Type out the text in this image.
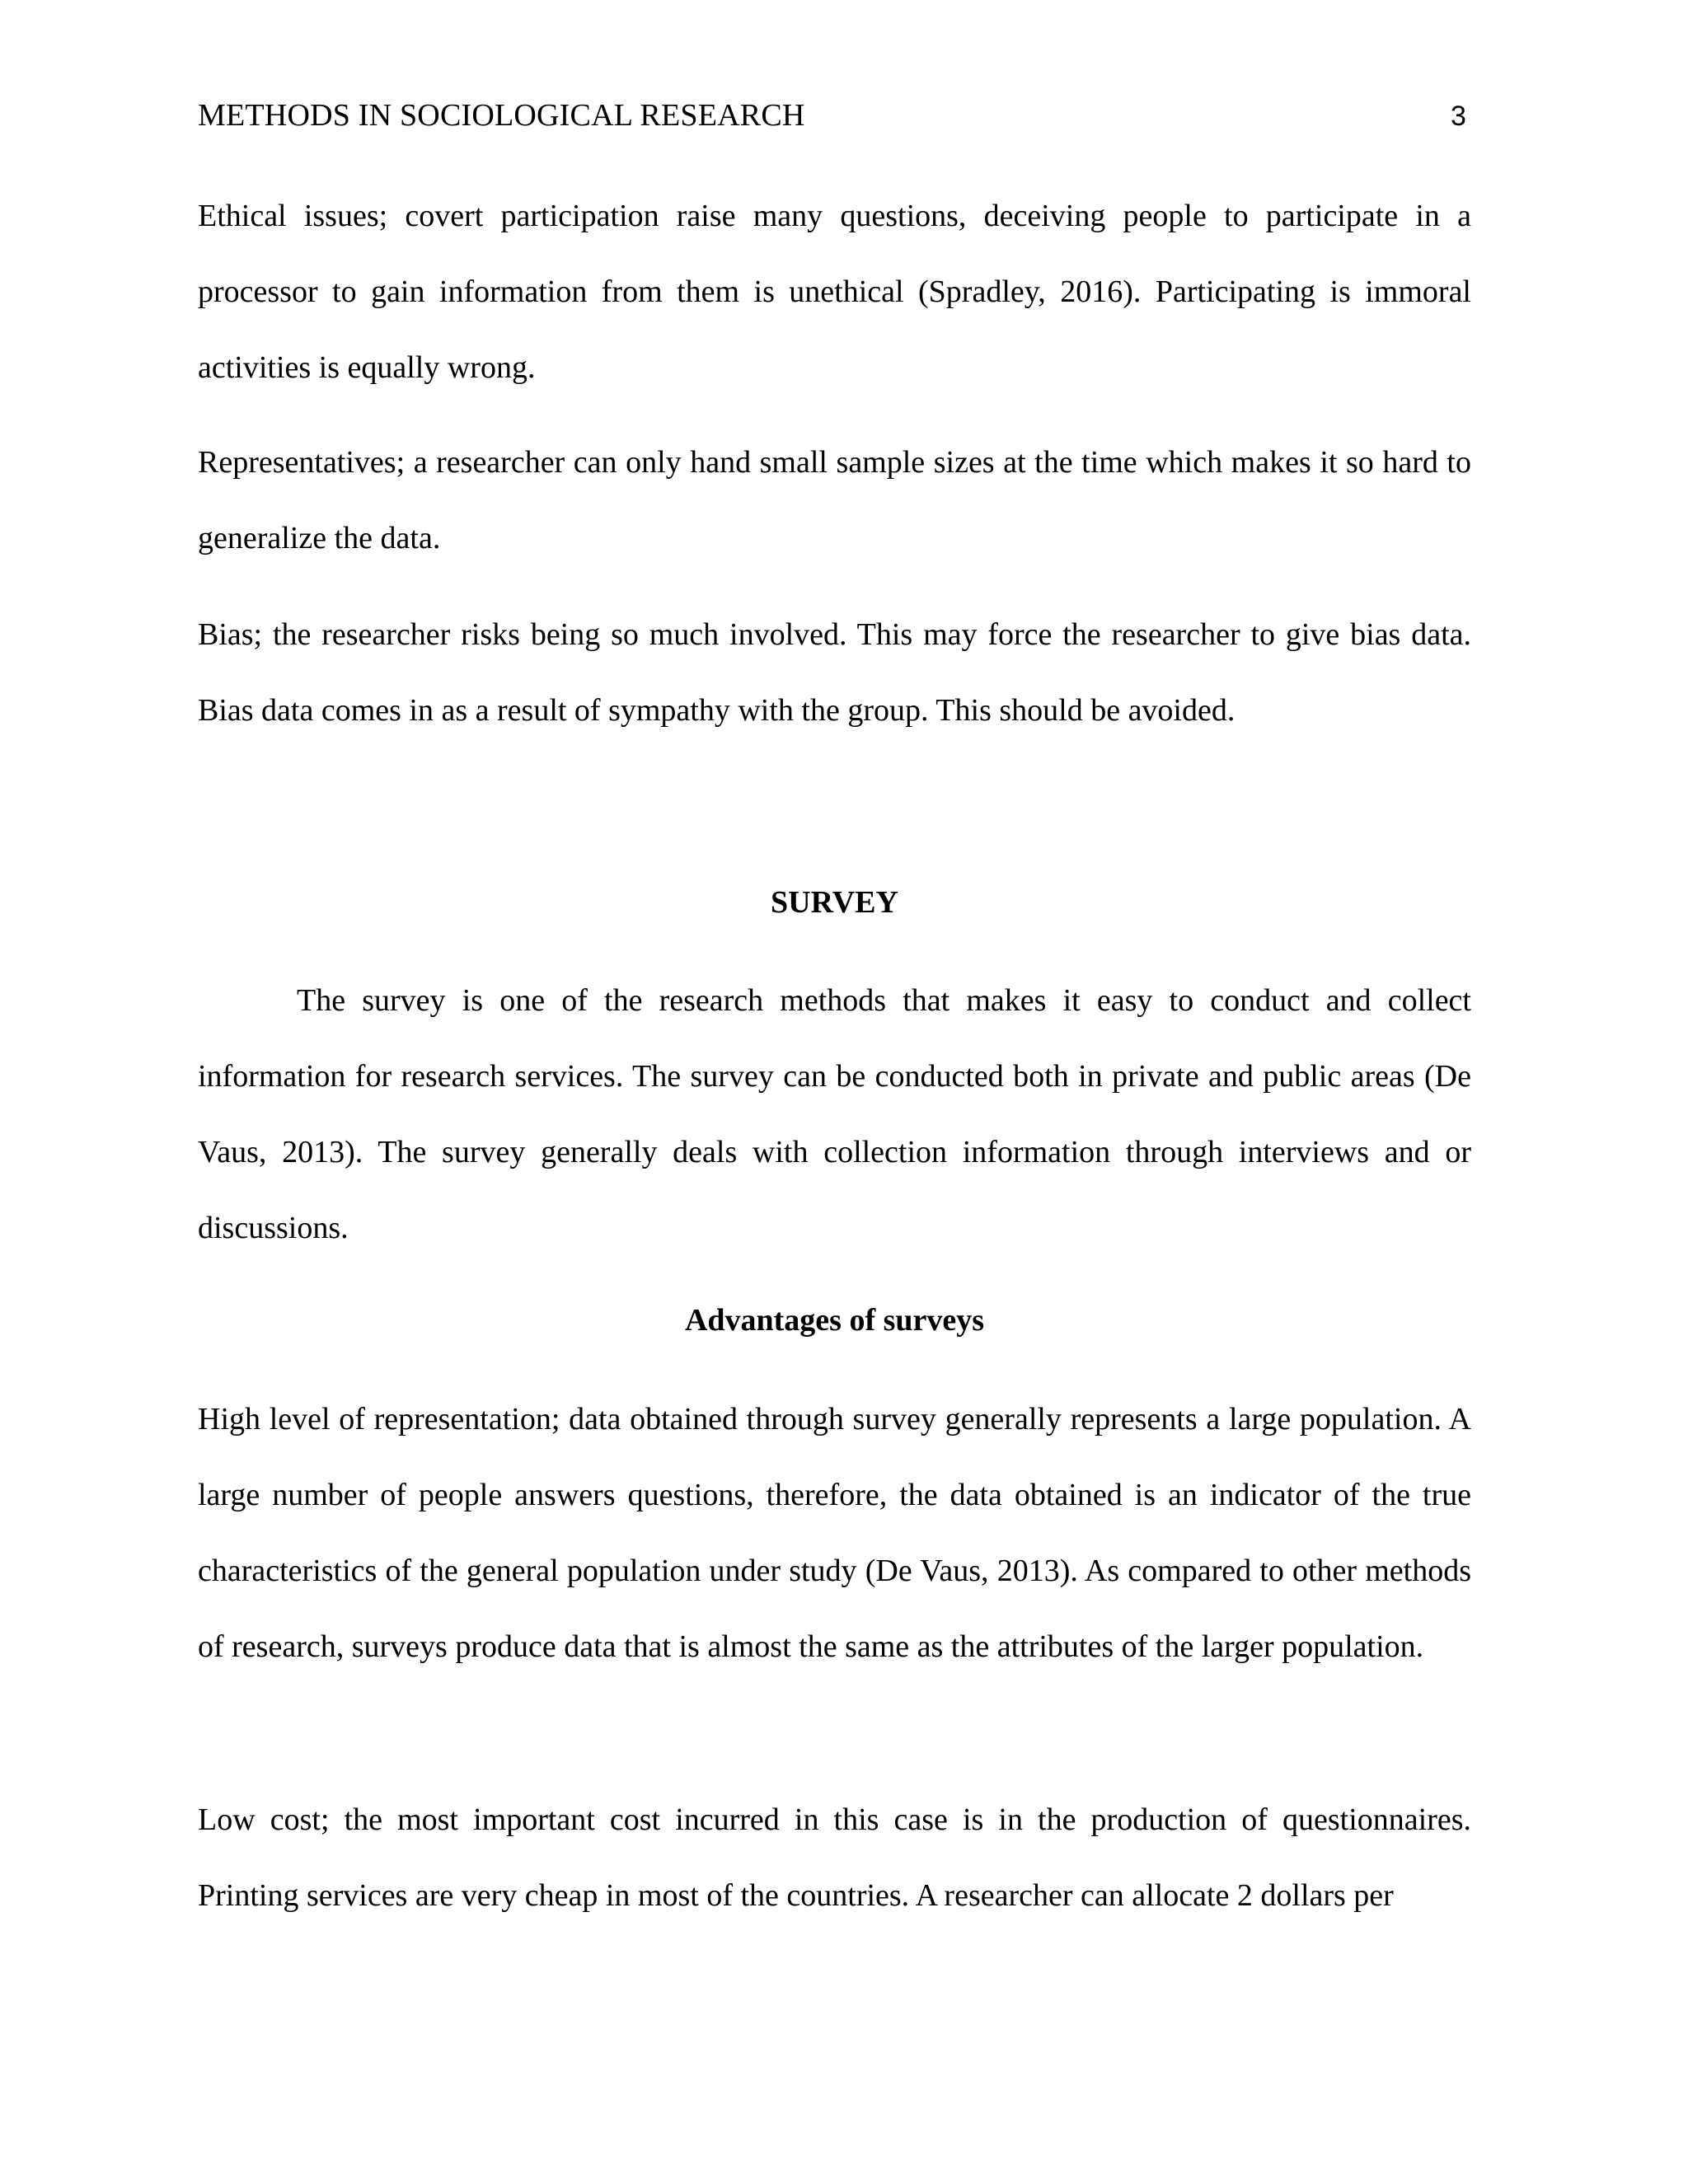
METHODS IN SOCIOLOGICAL RESEARCH	3

Ethical issues; covert participation raise many questions, deceiving people to participate in a processor to gain information from them is unethical (Spradley, 2016). Participating is immoral activities is equally wrong.

Representatives; a researcher can only hand small sample sizes at the time which makes it so hard to generalize the data.

Bias; the researcher risks being so much involved. This may force the researcher to give bias data. Bias data comes in as a result of sympathy with the group. This should be avoided.

SURVEY

The survey is one of the research methods that makes it easy to conduct and collect information for research services. The survey can be conducted both in private and public areas (De Vaus, 2013). The survey generally deals with collection information through interviews and or discussions.

Advantages of surveys

High level of representation; data obtained through survey generally represents a large population. A large number of people answers questions, therefore, the data obtained is an indicator of the true characteristics of the general population under study (De Vaus, 2013). As compared to other methods of research, surveys produce data that is almost the same as the attributes of the larger population.

Low cost; the most important cost incurred in this case is in the production of questionnaires. Printing services are very cheap in most of the countries. A researcher can allocate 2 dollars per
